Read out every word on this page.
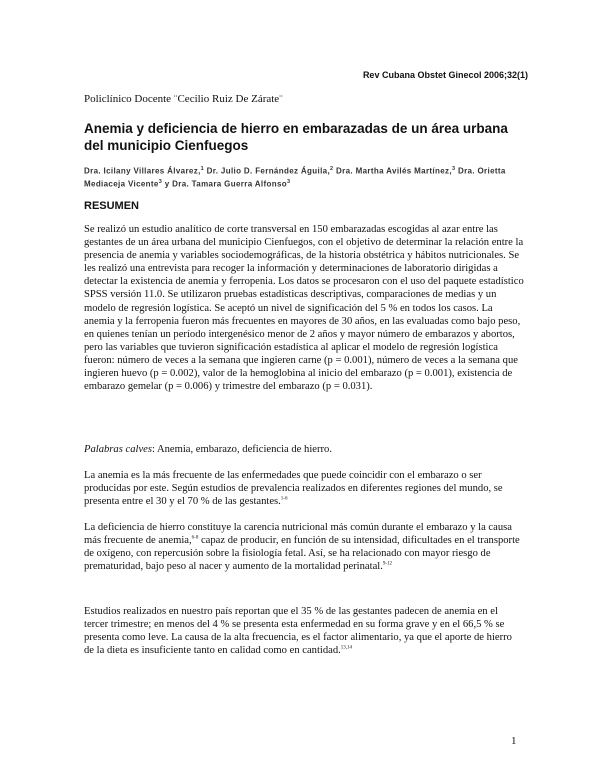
Rev Cubana Obstet Ginecol 2006;32(1)
Policlínico Docente ¨Cecilio Ruiz De Zárate¨
Anemia y deficiencia de hierro en embarazadas de un área urbana del municipio Cienfuegos
Dra. Icilany Villares Álvarez,$^1$ Dr. Julio D. Fernández Águila,$^2$ Dra. Martha Avilés Martínez,$^3$ Dra. Orietta Mediaceja Vicente$^3$ y Dra. Tamara Guerra Alfonso$^3$
RESUMEN
Se realizó un estudio analítico de corte transversal en 150 embarazadas escogidas al azar entre las gestantes de un área urbana del municipio Cienfuegos, con el objetivo de determinar la relación entre la presencia de anemia y variables sociodemográficas, de la historia obstétrica y hábitos nutricionales. Se les realizó una entrevista para recoger la información y determinaciones de laboratorio dirigidas a detectar la existencia de anemia y ferropenia. Los datos se procesaron con el uso del paquete estadístico SPSS versión 11.0. Se utilizaron pruebas estadísticas descriptivas, comparaciones de medias y un modelo de regresión logística. Se aceptó un nivel de significación del 5 % en todos los casos. La anemia y la ferropenia fueron más frecuentes en mayores de 30 años, en las evaluadas como bajo peso, en quienes tenían un período intergenésico menor de 2 años y mayor número de embarazos y abortos, pero las variables que tuvieron significación estadística al aplicar el modelo de regresión logística fueron: número de veces a la semana que ingieren carne (p = 0.001), número de veces a la semana que ingieren huevo (p = 0.002), valor de la hemoglobina al inicio del embarazo (p = 0.001), existencia de embarazo gemelar (p = 0.006) y trimestre del embarazo (p = 0.031).
Palabras calves: Anemia, embarazo, deficiencia de hierro.
La anemia es la más frecuente de las enfermedades que puede coincidir con el embarazo o ser producidas por este. Según estudios de prevalencia realizados en diferentes regiones del mundo, se presenta entre el 30 y el 70 % de las gestantes.$^{1-6}$
La deficiencia de hierro constituye la carencia nutricional más común durante el embarazo y la causa más frecuente de anemia,$^{6-8}$ capaz de producir, en función de su intensidad, dificultades en el transporte de oxígeno, con repercusión sobre la fisiología fetal. Así, se ha relacionado con mayor riesgo de prematuridad, bajo peso al nacer y aumento de la mortalidad perinatal.$^{9-12}$
Estudios realizados en nuestro país reportan que el 35 % de las gestantes padecen de anemia en el tercer trimestre; en menos del 4 % se presenta esta enfermedad en su forma grave y en el 66,5 % se presenta como leve. La causa de la alta frecuencia, es el factor alimentario, ya que el aporte de hierro de la dieta es insuficiente tanto en calidad como en cantidad.$^{13,14}$
1
